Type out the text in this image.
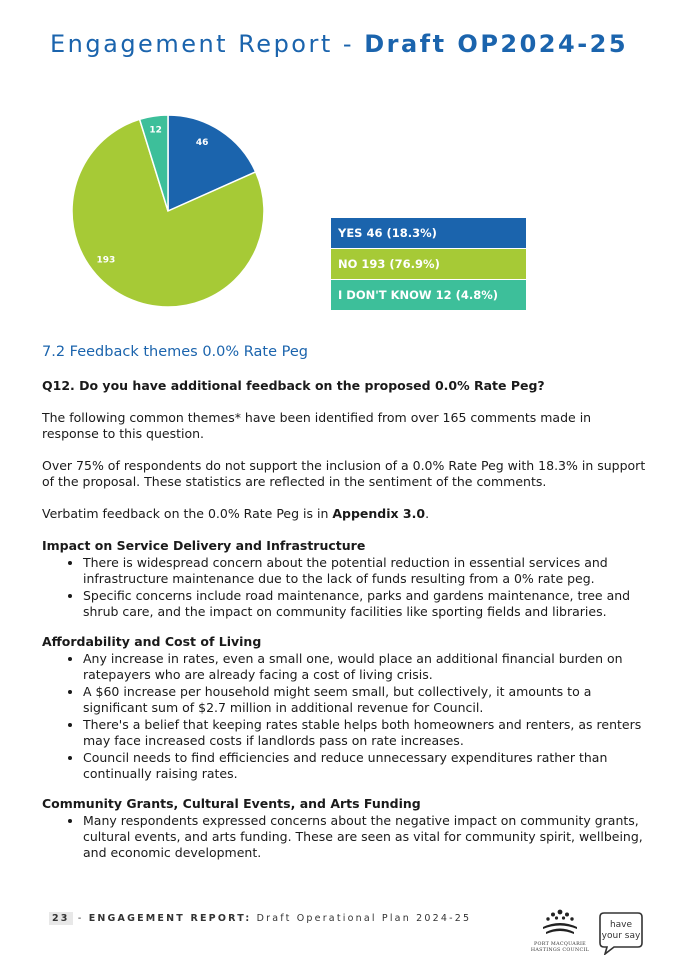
Engagement Report - Draft OP2024-25
46
193
12
YES 46 (18.3%)
NO 193 (76.9%)
I DON'T KNOW 12 (4.8%)
7.2 Feedback themes 0.0% Rate Peg

Q12. Do you have additional feedback on the proposed 0.0% Rate Peg?

The following common themes* have been identified from over 165 comments made in response to this question.

Over 75% of respondents do not support the inclusion of a 0.0% Rate Peg with 18.3% in support of the proposal. These statistics are reflected in the sentiment of the comments.

Verbatim feedback on the 0.0% Rate Peg is in Appendix 3.0.

Impact on Service Delivery and Infrastructure
• There is widespread concern about the potential reduction in essential services and infrastructure maintenance due to the lack of funds resulting from a 0% rate peg.
• Specific concerns include road maintenance, parks and gardens maintenance, tree and shrub care, and the impact on community facilities like sporting fields and libraries.
Affordability and Cost of Living
• Any increase in rates, even a small one, would place an additional financial burden on ratepayers who are already facing a cost of living crisis.
• A $60 increase per household might seem small, but collectively, it amounts to a significant sum of $2.7 million in additional revenue for Council.
• There's a belief that keeping rates stable helps both homeowners and renters, as renters may face increased costs if landlords pass on rate increases.
• Council needs to find efficiencies and reduce unnecessary expenditures rather than continually raising rates.
Community Grants, Cultural Events, and Arts Funding
• Many respondents expressed concerns about the negative impact on community grants, cultural events, and arts funding. These are seen as vital for community spirit, wellbeing, and economic development.
23 - ENGAGEMENT REPORT: Draft Operational Plan 2024-25
PORT MACQUARIE
HASTINGS COUNCIL
have
your say
